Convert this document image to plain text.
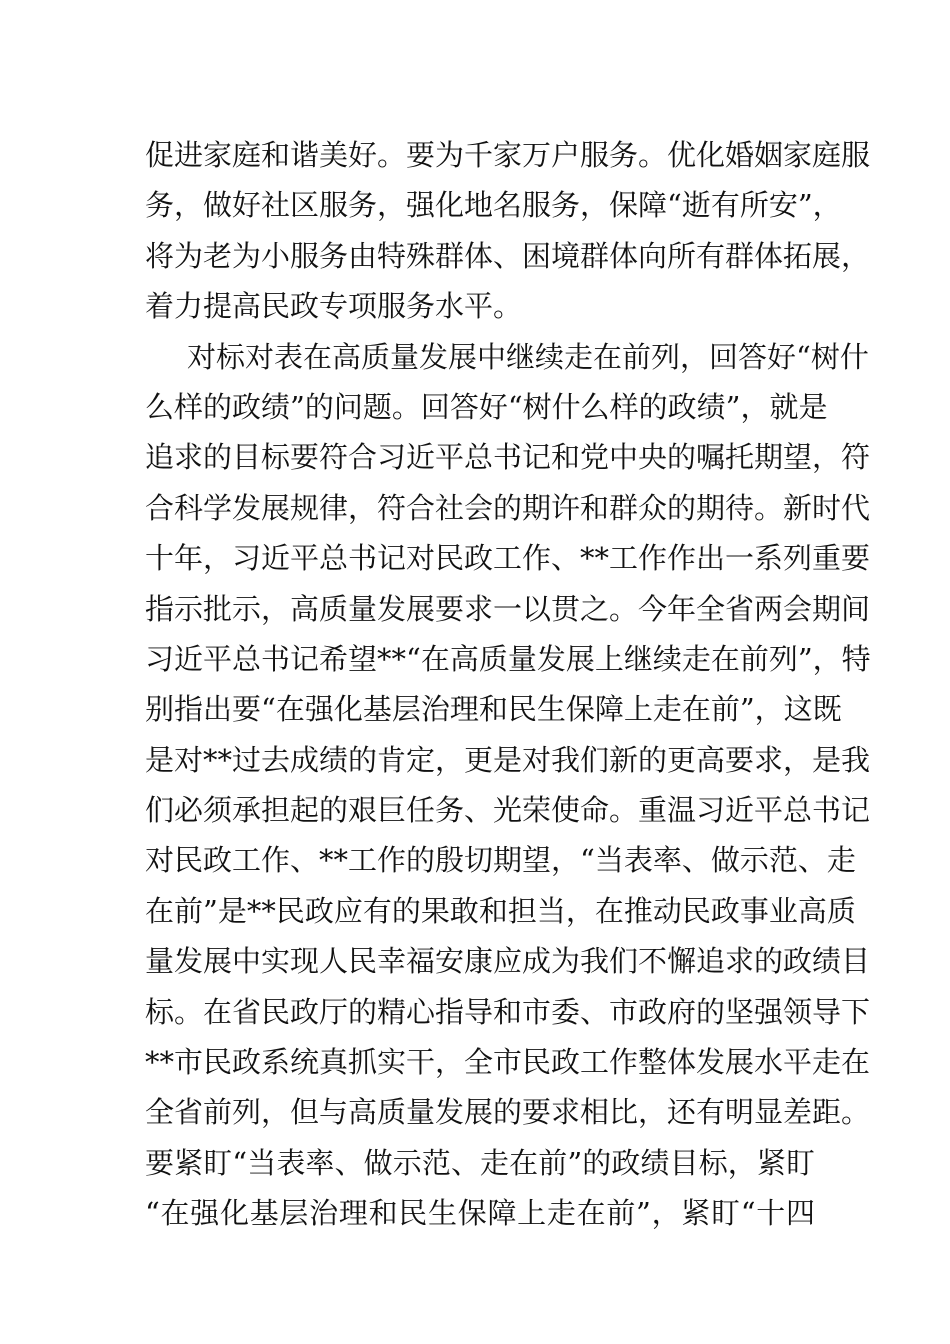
促进家庭和谐美好。要为千家万户服务。优化婚姻家庭服
务，做好社区服务，强化地名服务，保障“逝有所安”，
将为老为小服务由特殊群体、困境群体向所有群体拓展，
着力提高民政专项服务水平。
对标对表在高质量发展中继续走在前列，回答好“树什
么样的政绩”的问题。回答好“树什么样的政绩”，就是
追求的目标要符合习近平总书记和党中央的嘱托期望，符
合科学发展规律，符合社会的期许和群众的期待。新时代
十年，习近平总书记对民政工作、**工作作出一系列重要
指示批示，高质量发展要求一以贯之。今年全省两会期间
习近平总书记希望**“在高质量发展上继续走在前列”，特
别指出要“在强化基层治理和民生保障上走在前”，这既
是对**过去成绩的肯定，更是对我们新的更高要求，是我
们必须承担起的艰巨任务、光荣使命。重温习近平总书记
对民政工作、**工作的殷切期望，“当表率、做示范、走
在前”是**民政应有的果敢和担当，在推动民政事业高质
量发展中实现人民幸福安康应成为我们不懈追求的政绩目
标。在省民政厅的精心指导和市委、市政府的坚强领导下
**市民政系统真抓实干，全市民政工作整体发展水平走在
全省前列，但与高质量发展的要求相比，还有明显差距。
要紧盯“当表率、做示范、走在前”的政绩目标，紧盯
“在强化基层治理和民生保障上走在前”，紧盯“十四
